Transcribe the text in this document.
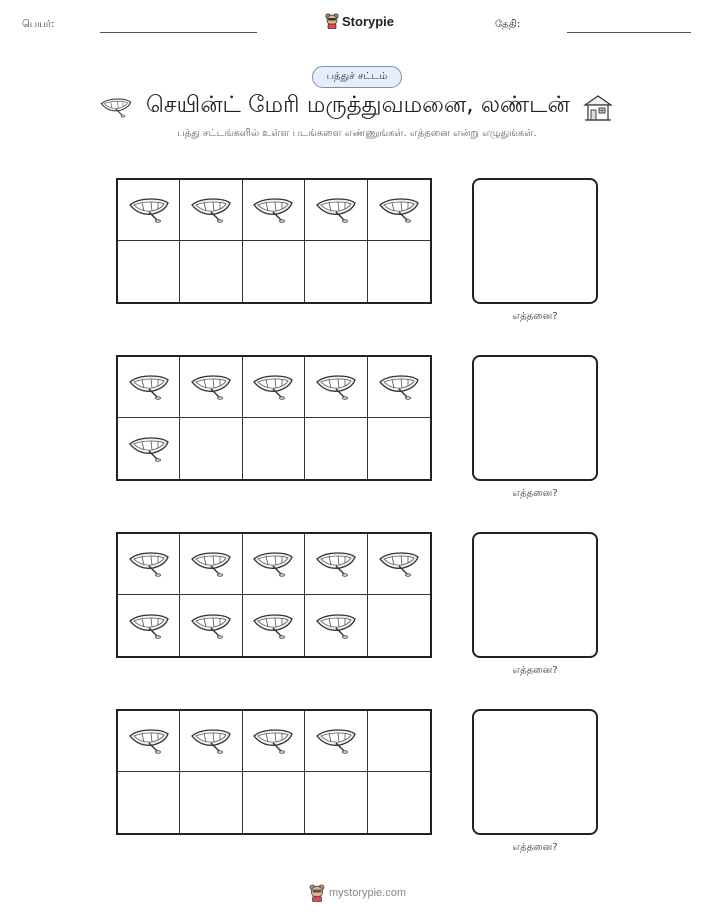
பெயர்:	Storypie	தேதி:
பத்துச் சட்டம்
செயின்ட் மேரி மருத்துவமனை, லண்டன்
பத்து சட்டங்களில் உள்ள படங்களை எண்ணுங்கள். எத்தனை என்று எழுதுங்கள்.
எத்தனை?
எத்தனை?
எத்தனை?
எத்தனை?
mystorypie.com
